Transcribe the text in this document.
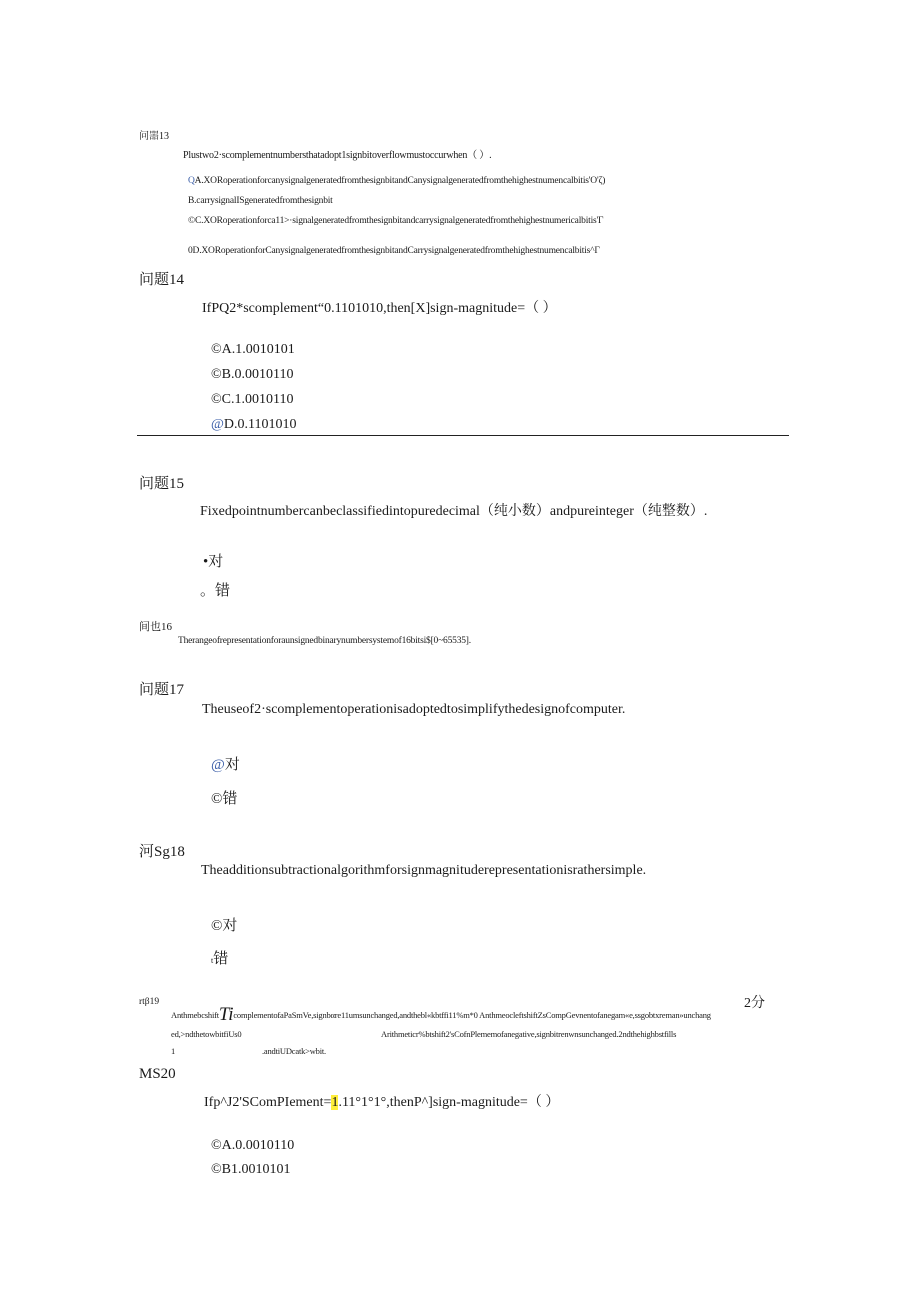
问噐13
Plustwo2·scomplementnumbersthatadopt1signbitoverflowmustoccurwhen（ ）.
QA.XORoperationforcanysignalgeneratedfromthesignbitandCanysignalgeneratedfromthehighestnumencalbitis'O'ζ)
B.carrysignalISgeneratedfromthesignbit
©C.XORoperationforca11>·signalgeneratedfromthesignbitandcarrysignalgeneratedfromthehighestnumericalbitis'Γ
0D.XORoperationforCanysignalgeneratedfromthesignbitandCarrysignalgeneratedfromthehighestnumencalbitis^Γ
问题14
IfPQ2*scomplement“0.1101010,then[X]sign-magnitude=（ ）
©A.1.0010101
©B.0.0010110
©C.1.0010110
@D.0.1101010
问题15
Fixedpointnumbercanbeclassifiedintopuredecimal（纯小数）andpureinteger（纯整数）.
•对
。错
间也16
Therangeofrepresentationforaunsignedbinarynumbersystemof16bitsi$[0~65535].
问题17
Theuseof2·scomplementoperationisadoptedtosimplifythedesignofcomputer.
@对
©错
河Sg18
Theadditionsubtractionalgorithmforsignmagnituderepresentationisrathersimple.
©对
t错
rtβ19	2分
AnthmebcshiftTicomplementofaPaSmVe,signbαre11umsunchanged,andthebl«kbtffi11%m*0 AnthmeocleftshiftZsCompGevnentofanegam«e,ssgobtxreman»unchang
ed,>ndthetowbitfiUs0	Arithmeticr%btshift2'sCofnPlememofanegative,signbitrenwnsunchanged.2ndthehighbstfills
1	.andtiUDcatk>wbit.
MS20
Ifp^J2'SComPIement=1.11°1°1°,thenP^]sign-magnitude=（ ）
©A.0.0010110
©B1.0010101
